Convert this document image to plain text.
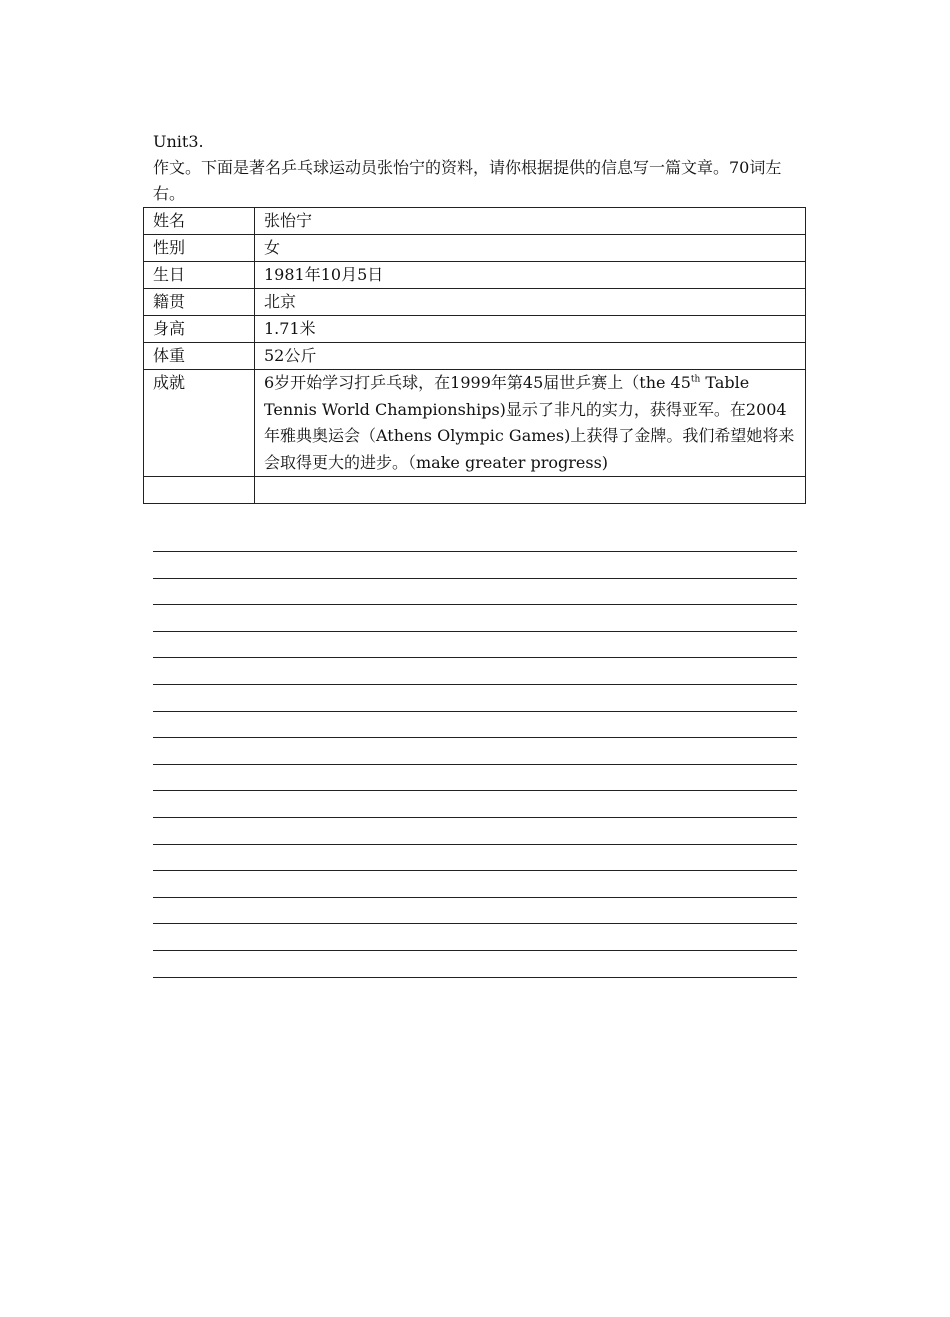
Unit3.
作文。下面是著名乒乓球运动员张怡宁的资料，请你根据提供的信息写一篇文章。70词左右。
姓名	张怡宁
性别	女
生日	1981年10月5日
籍贯	北京
身高	1.71米
体重	52公斤
成就	6岁开始学习打乒乓球，在1999年第45届世乒赛上（the 45th Table Tennis World Championships)显示了非凡的实力，获得亚军。在2004年雅典奥运会（Athens Olympic Games)上获得了金牌。我们希望她将来会取得更大的进步。（make greater progress)
